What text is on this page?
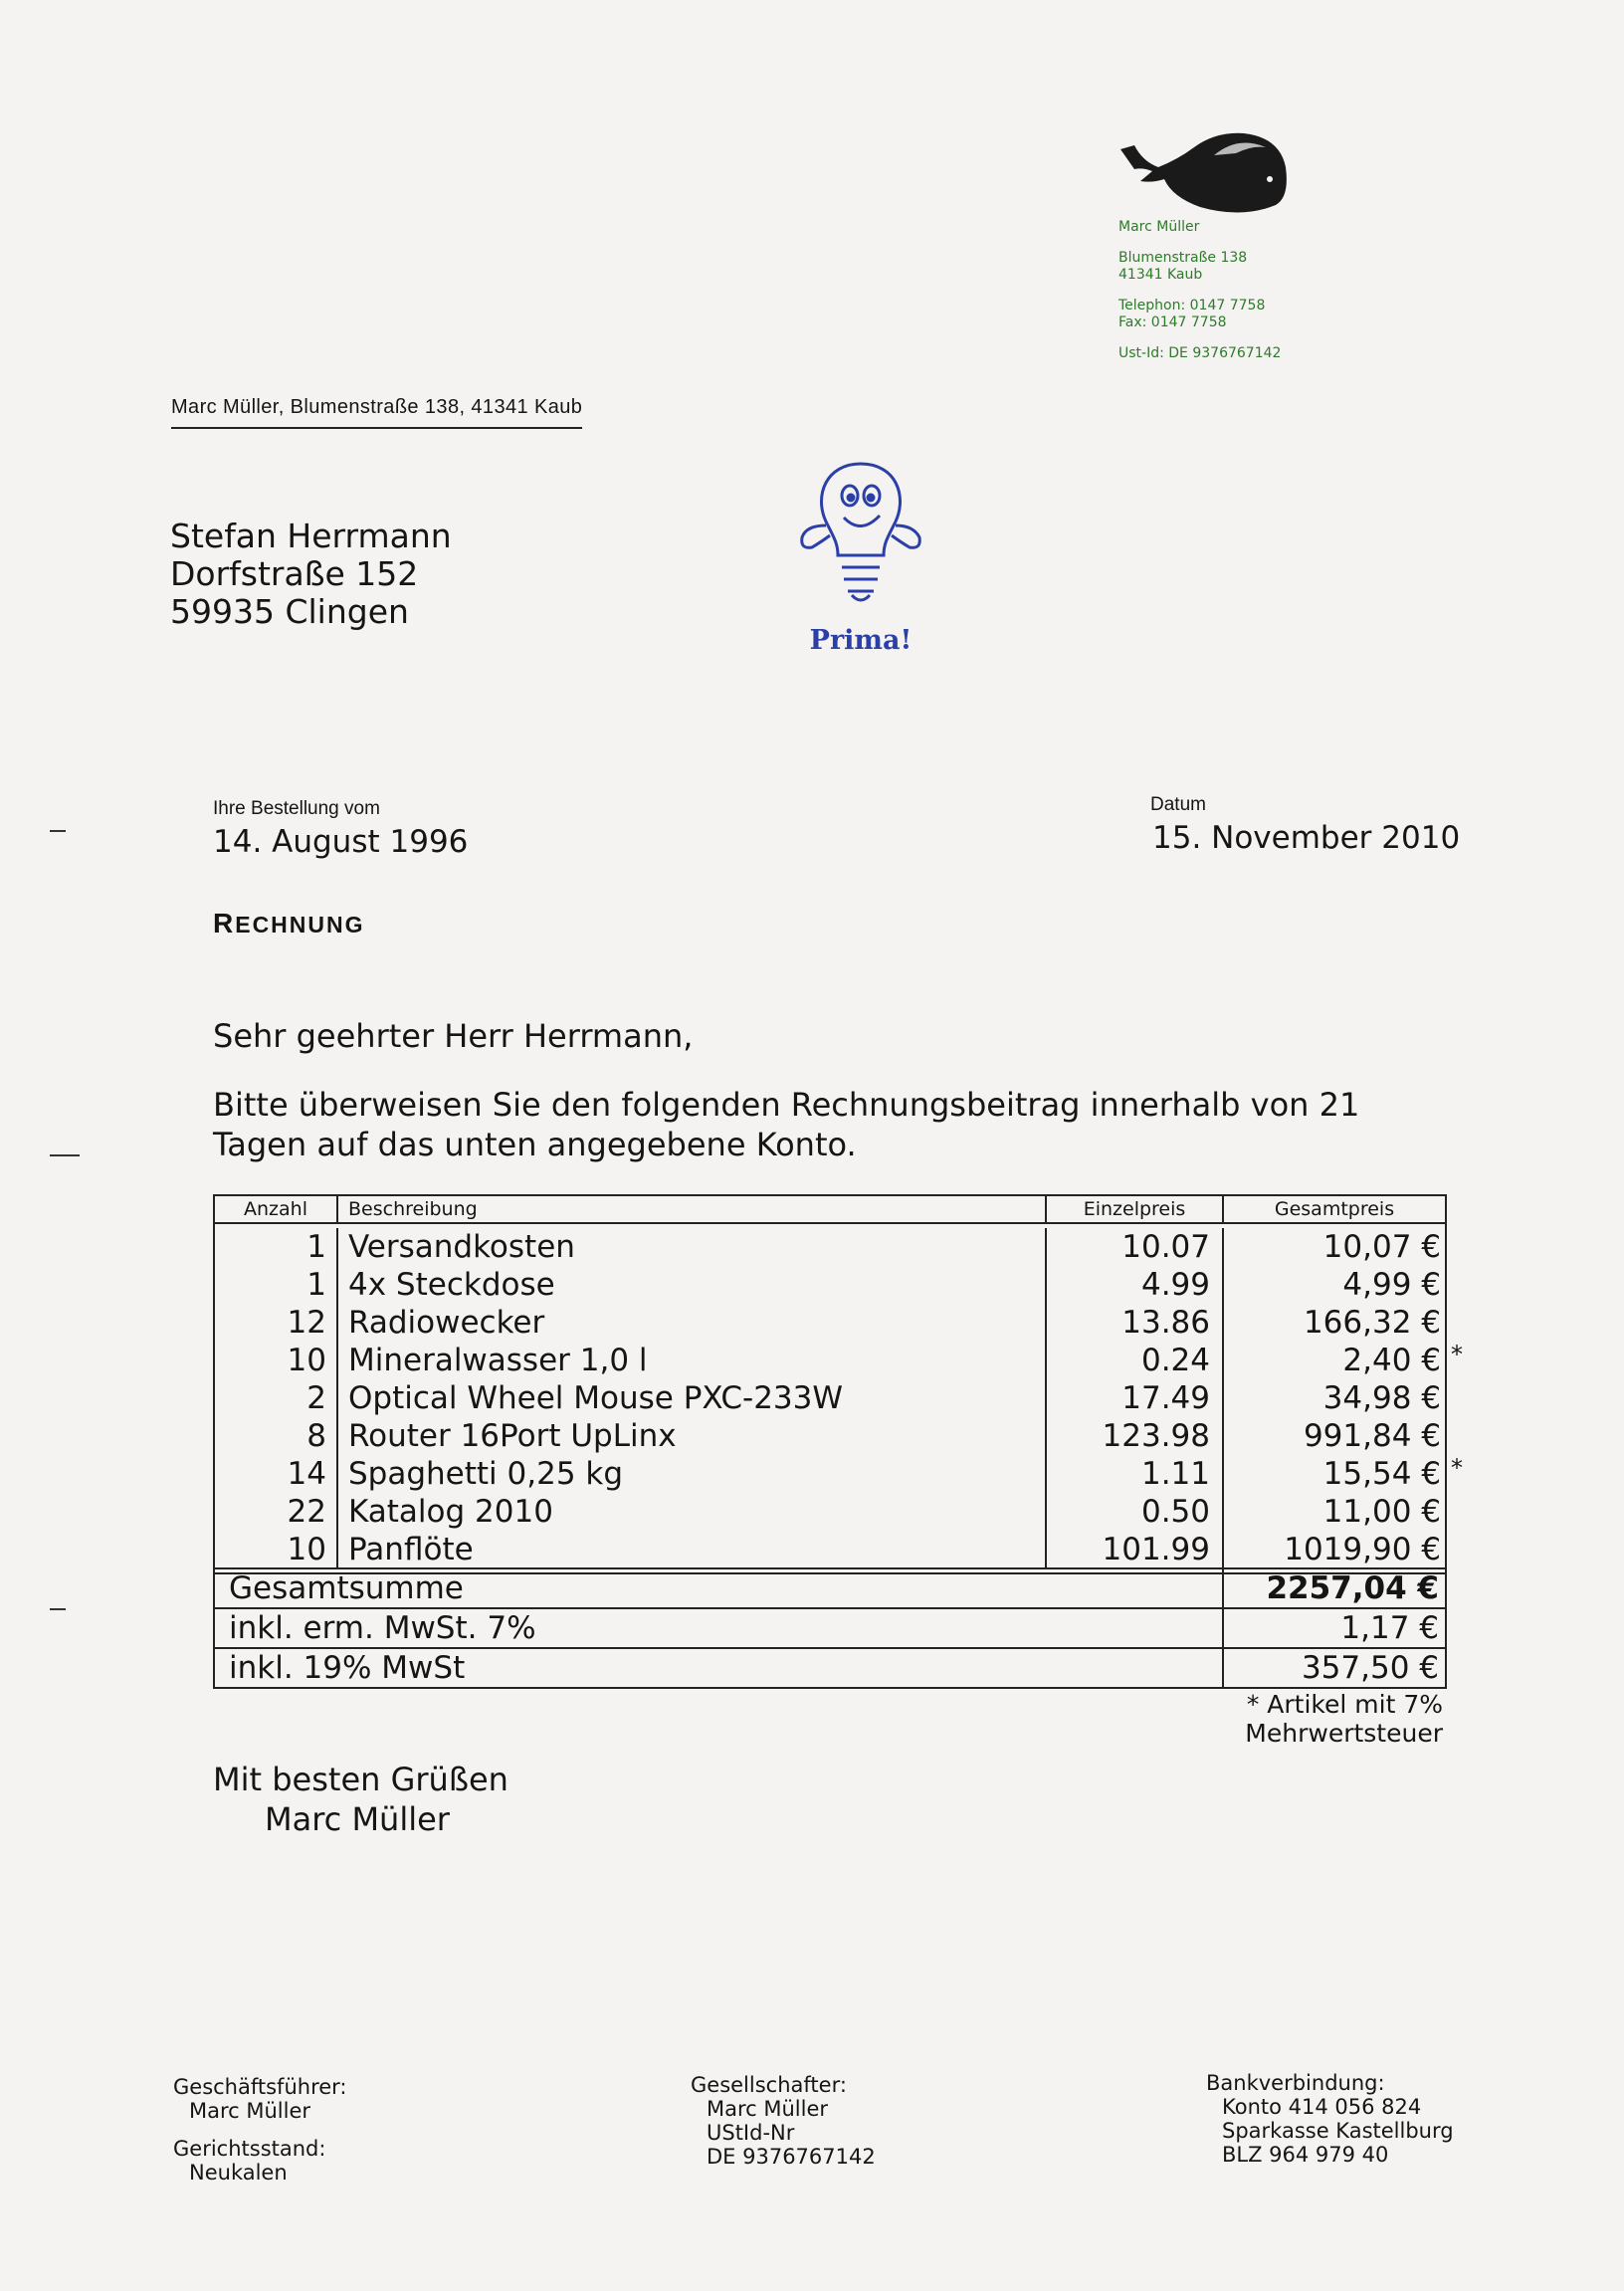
Marc Müller
Blumenstraße 138
41341 Kaub
Telephon: 0147 7758
Fax: 0147 7758
Ust-Id: DE 9376767142
Marc Müller, Blumenstraße 138, 41341 Kaub
Stefan Herrmann
Dorfstraße 152
59935 Clingen
Prima!
Ihre Bestellung vom
14. August 1996
Datum
15. November 2010
RECHNUNG
Sehr geehrter Herr Herrmann,
Bitte überweisen Sie den folgenden Rechnungsbeitrag innerhalb von 21 Tagen auf das unten angegebene Konto.
Anzahl	Beschreibung	Einzelpreis	Gesamtpreis
1 Versandkosten	10.07	10,07 €
1 4x Steckdose	4.99	4,99 €
12 Radiowecker	13.86	166,32 €
10 Mineralwasser 1,0 l	0.24	2,40 € *
2 Optical Wheel Mouse PXC-233W	17.49	34,98 €
8 Router 16Port UpLinx	123.98	991,84 €
14 Spaghetti 0,25 kg	1.11	15,54 € *
22 Katalog 2010	0.50	11,00 €
10 Panflöte	101.99	1019,90 €
Gesamtsumme	2257,04 €
inkl. erm. MwSt. 7%	1,17 €
inkl. 19% MwSt	357,50 €
* Artikel mit 7% Mehrwertsteuer
Mit besten Grüßen
Marc Müller
Geschäftsführer:
Marc Müller
Gerichtsstand:
Neukalen
Gesellschafter:
Marc Müller
UStId-Nr
DE 9376767142
Bankverbindung:
Konto 414 056 824
Sparkasse Kastellburg
BLZ 964 979 40
